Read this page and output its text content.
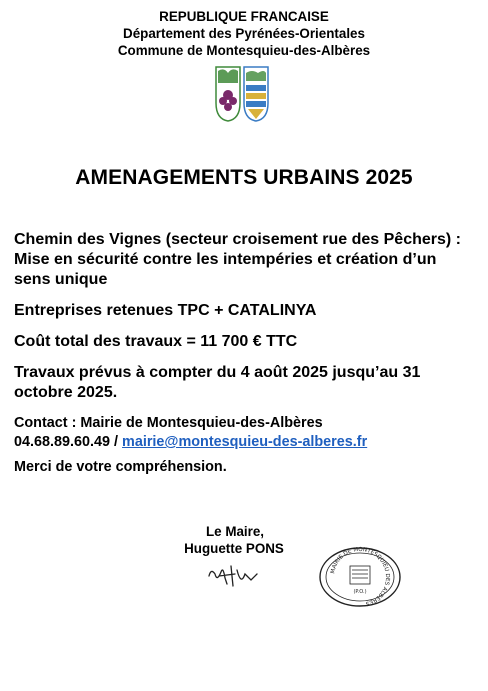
REPUBLIQUE FRANCAISE
Département des Pyrénées-Orientales
Commune de Montesquieu-des-Albères
AMENAGEMENTS URBAINS 2025

Chemin des Vignes (secteur croisement rue des Pêchers) : Mise en sécurité contre les intempéries et création d’un sens unique

Entreprises retenues TPC + CATALINYA

Coût total des travaux = 11 700 € TTC

Travaux prévus à compter du 4 août 2025 jusqu’au 31 octobre 2025.

Contact : Mairie de Montesquieu-des-Albères
04.68.89.60.49 / mairie@montesquieu-des-alberes.fr

Merci de votre compréhension.

Le Maire,
Huguette PONS
MAIRIE DE MONTESQUIEU DES ALBÈRES
(P.O.)
